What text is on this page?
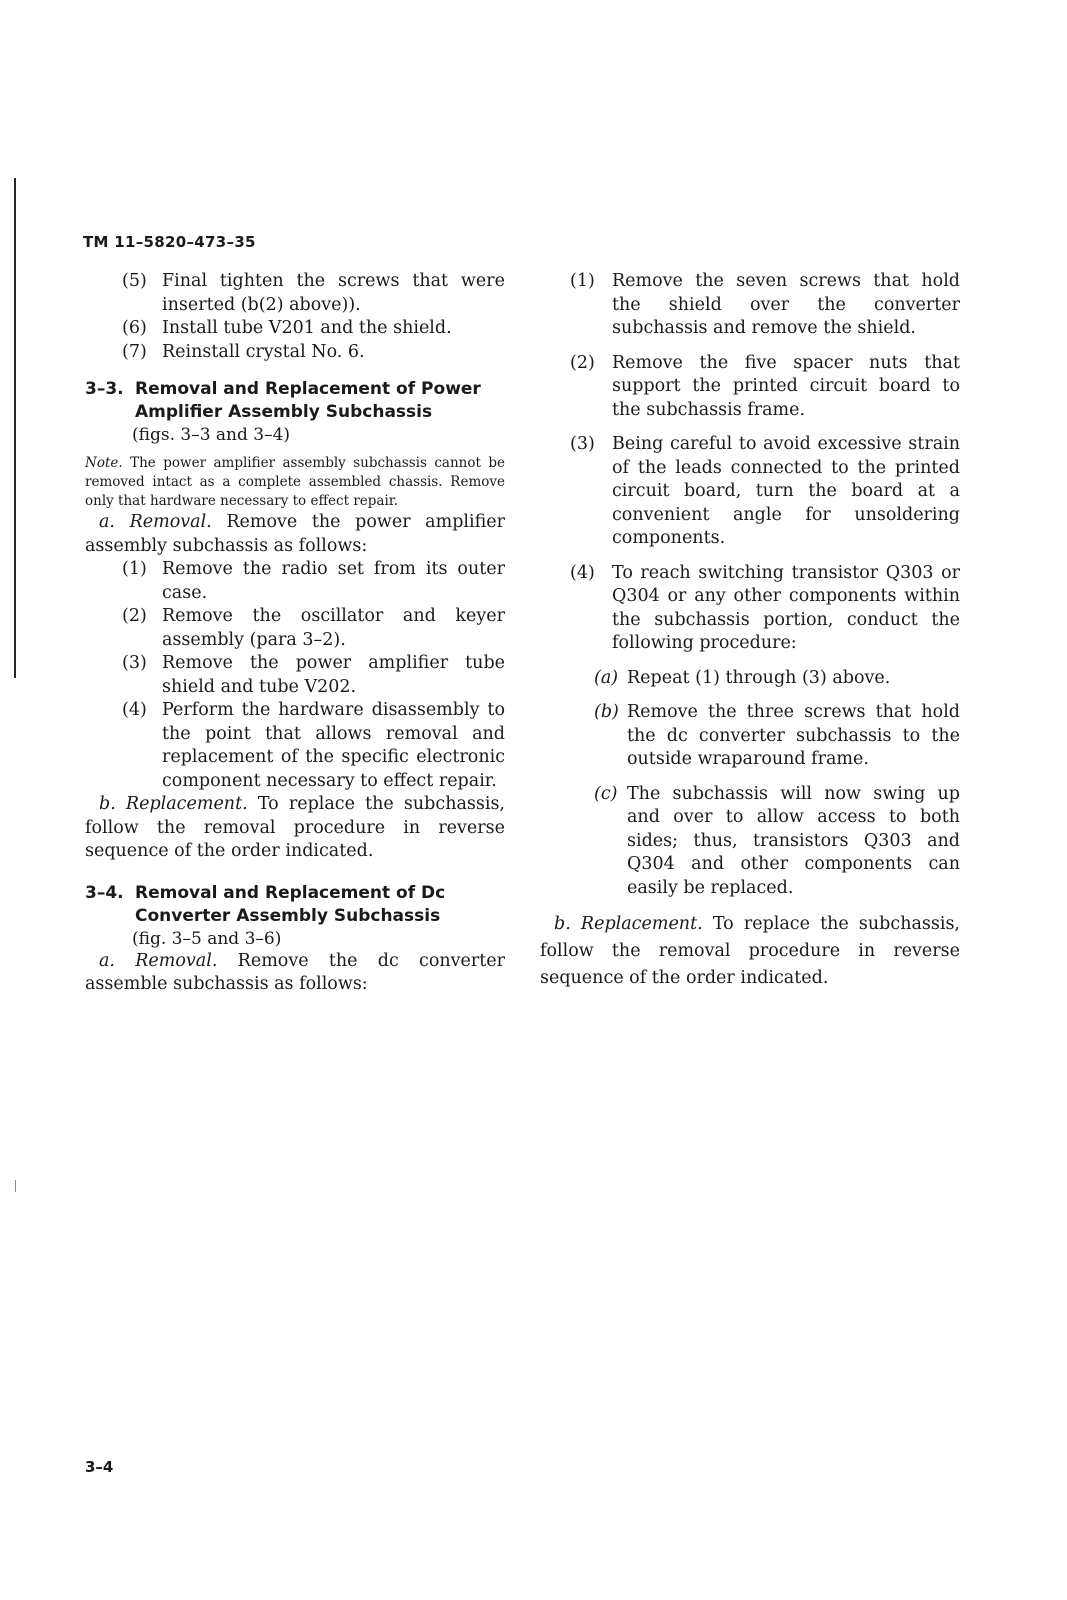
TM 11–5820–473–35
(5) Final tighten the screws that were inserted (b(2) above)).
(6) Install tube V201 and the shield.
(7) Reinstall crystal No. 6.
3–3. Removal and Replacement of Power Amplifier Assembly Subchassis
(figs. 3–3 and 3–4)
Note. The power amplifier assembly subchassis cannot be removed intact as a complete assembled chassis. Remove only that hardware necessary to effect repair.
a. Removal. Remove the power amplifier assembly subchassis as follows:
(1) Remove the radio set from its outer case.
(2) Remove the oscillator and keyer assembly (para 3–2).
(3) Remove the power amplifier tube shield and tube V202.
(4) Perform the hardware disassembly to the point that allows removal and replacement of the specific electronic component necessary to effect repair.
b. Replacement. To replace the subchassis, follow the removal procedure in reverse sequence of the order indicated.
3–4. Removal and Replacement of Dc Converter Assembly Subchassis
(fig. 3–5 and 3–6)
a. Removal. Remove the dc converter assemble subchassis as follows:
(1) Remove the seven screws that hold the shield over the converter subchassis and remove the shield.
(2) Remove the five spacer nuts that support the printed circuit board to the subchassis frame.
(3) Being careful to avoid excessive strain of the leads connected to the printed circuit board, turn the board at a convenient angle for unsoldering components.
(4) To reach switching transistor Q303 or Q304 or any other components within the subchassis portion, conduct the following procedure:
(a) Repeat (1) through (3) above.
(b) Remove the three screws that hold the dc converter subchassis to the outside wraparound frame.
(c) The subchassis will now swing up and over to allow access to both sides; thus, transistors Q303 and Q304 and other components can easily be replaced.
b. Replacement. To replace the subchassis, follow the removal procedure in reverse sequence of the order indicated.
3–4
